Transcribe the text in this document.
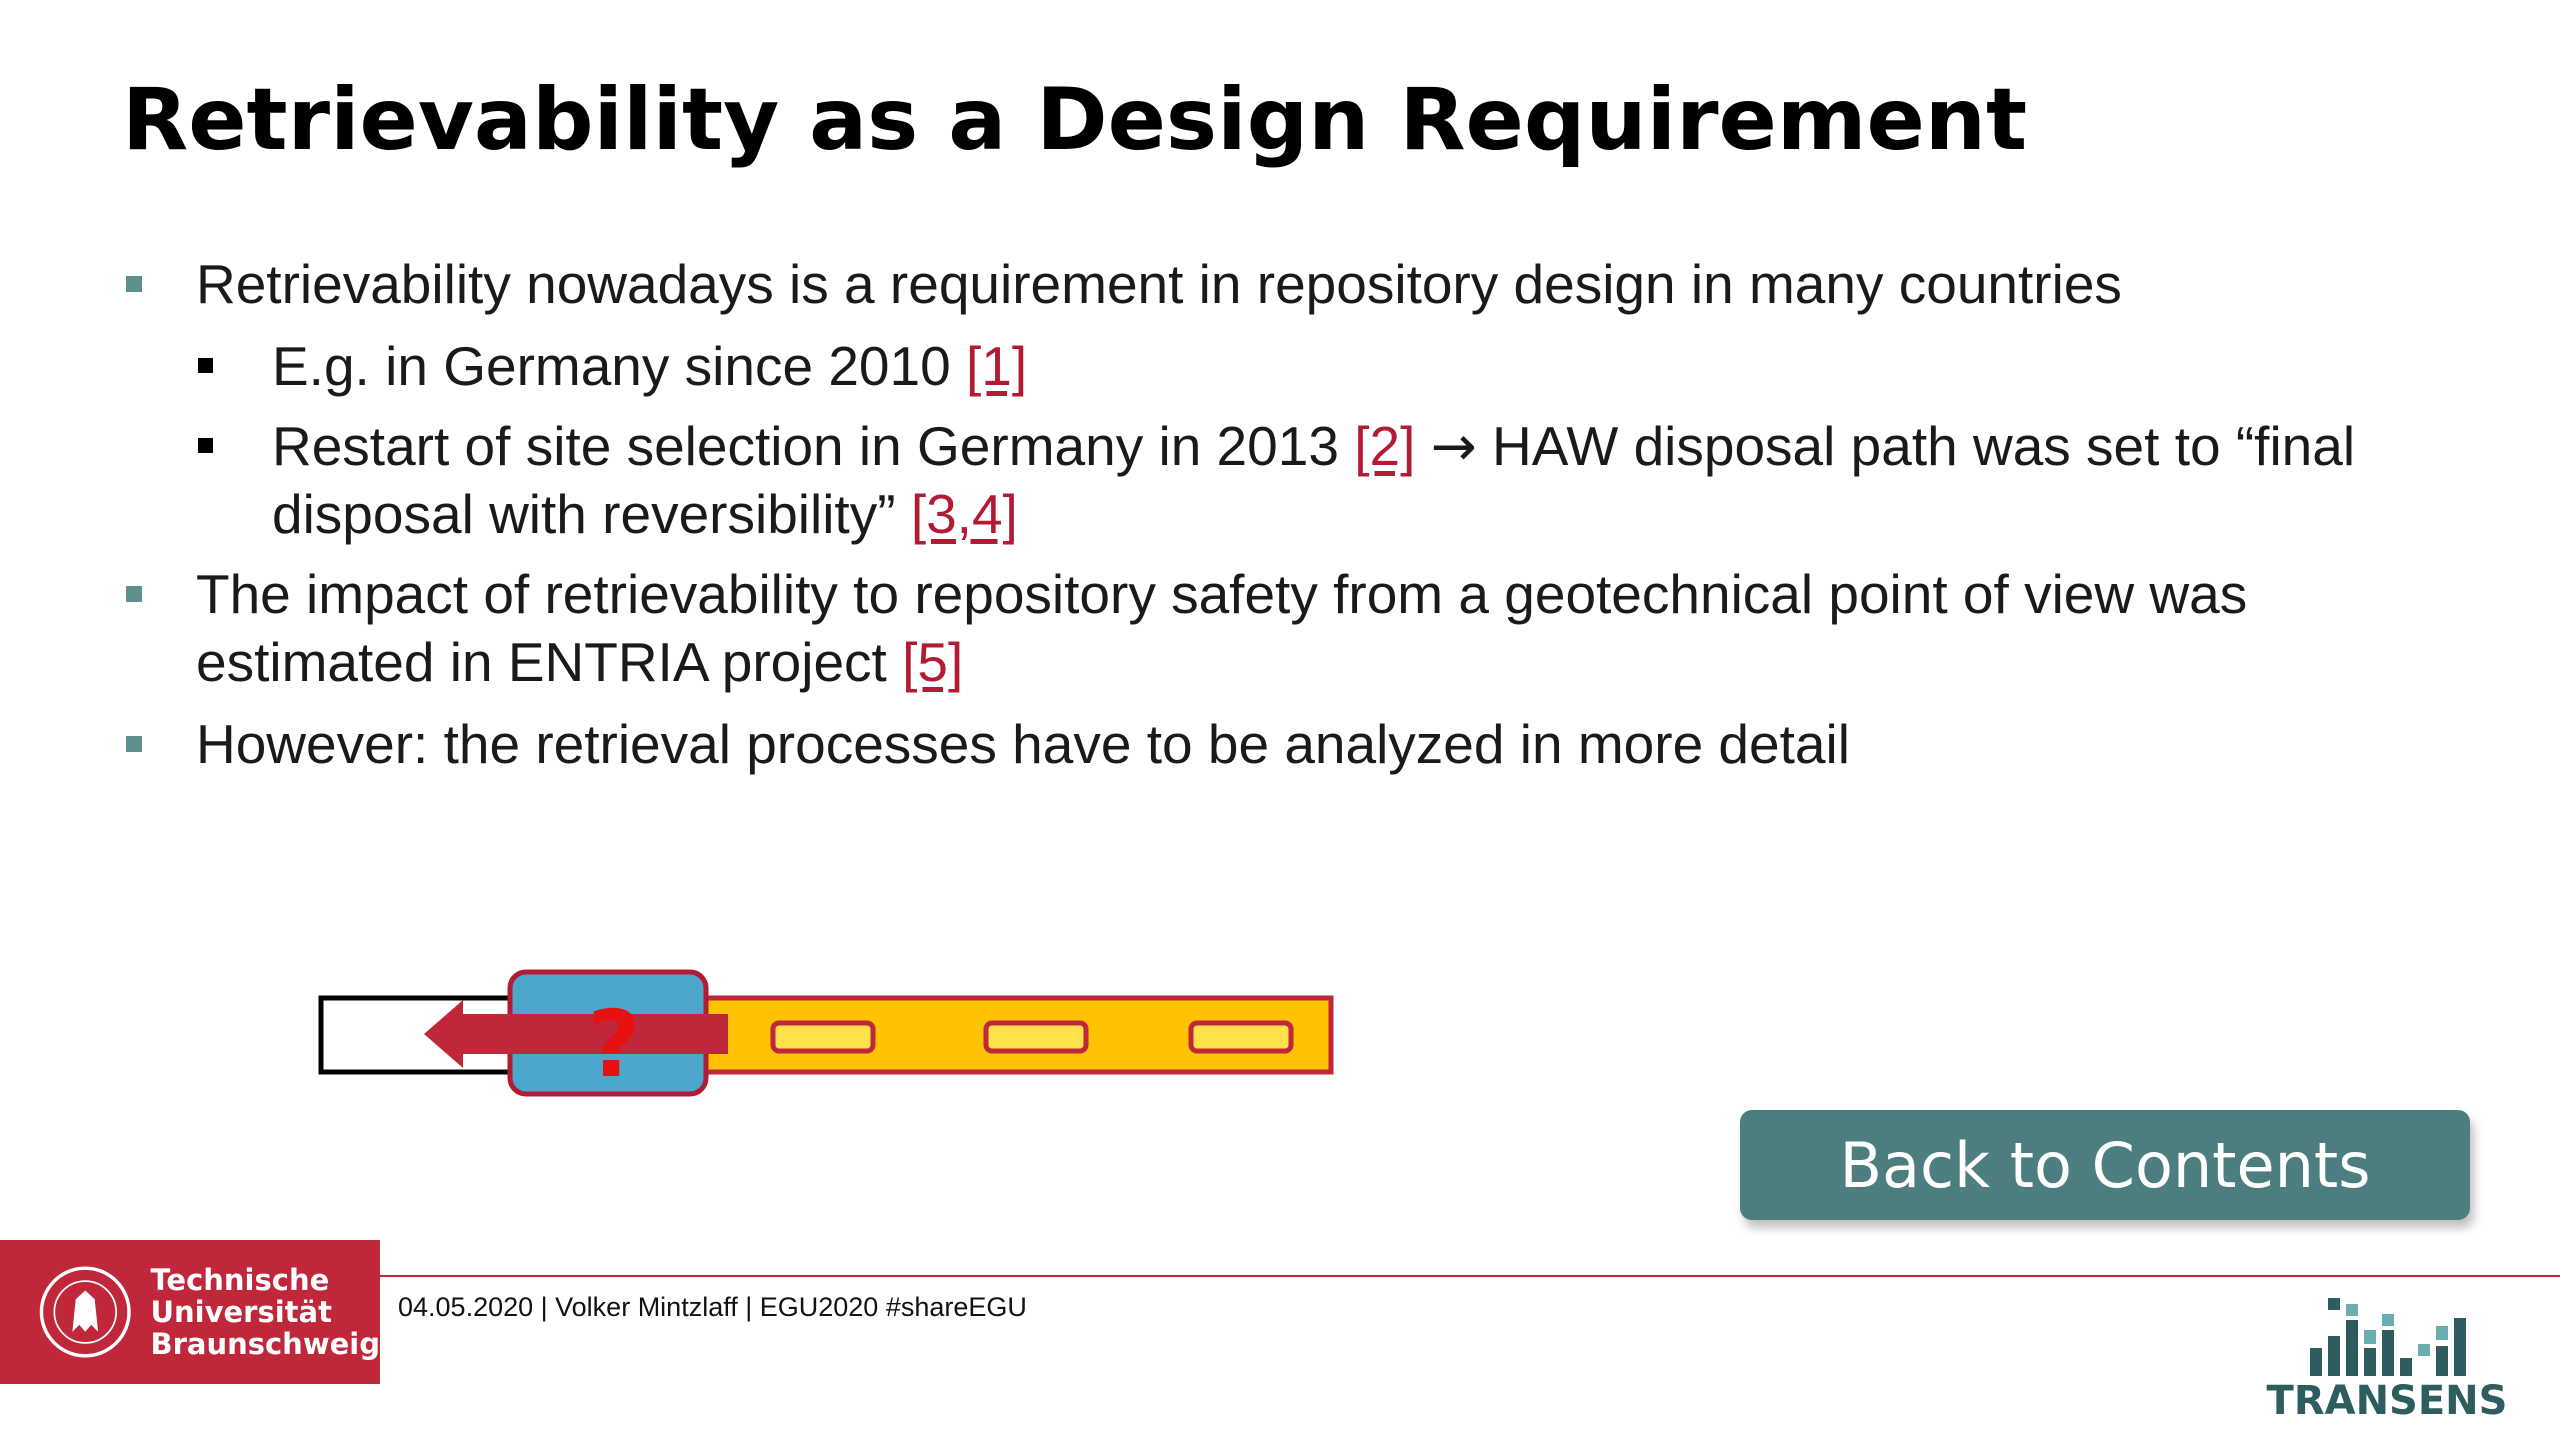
Retrievability as a Design Requirement
Retrievability nowadays is a requirement in repository design in many countries
E.g. in Germany since 2010 [1]
Restart of site selection in Germany in 2013 [2] → HAW disposal path was set to “final disposal with reversibility” [3,4]
The impact of retrievability to repository safety from a geotechnical point of view was estimated in ENTRIA project [5]
However: the retrieval processes have to be analyzed in more detail
?
Back to Contents
Technische
Universität
Braunschweig
04.05.2020 | Volker Mintzlaff | EGU2020 #shareEGU
TRANSENS
